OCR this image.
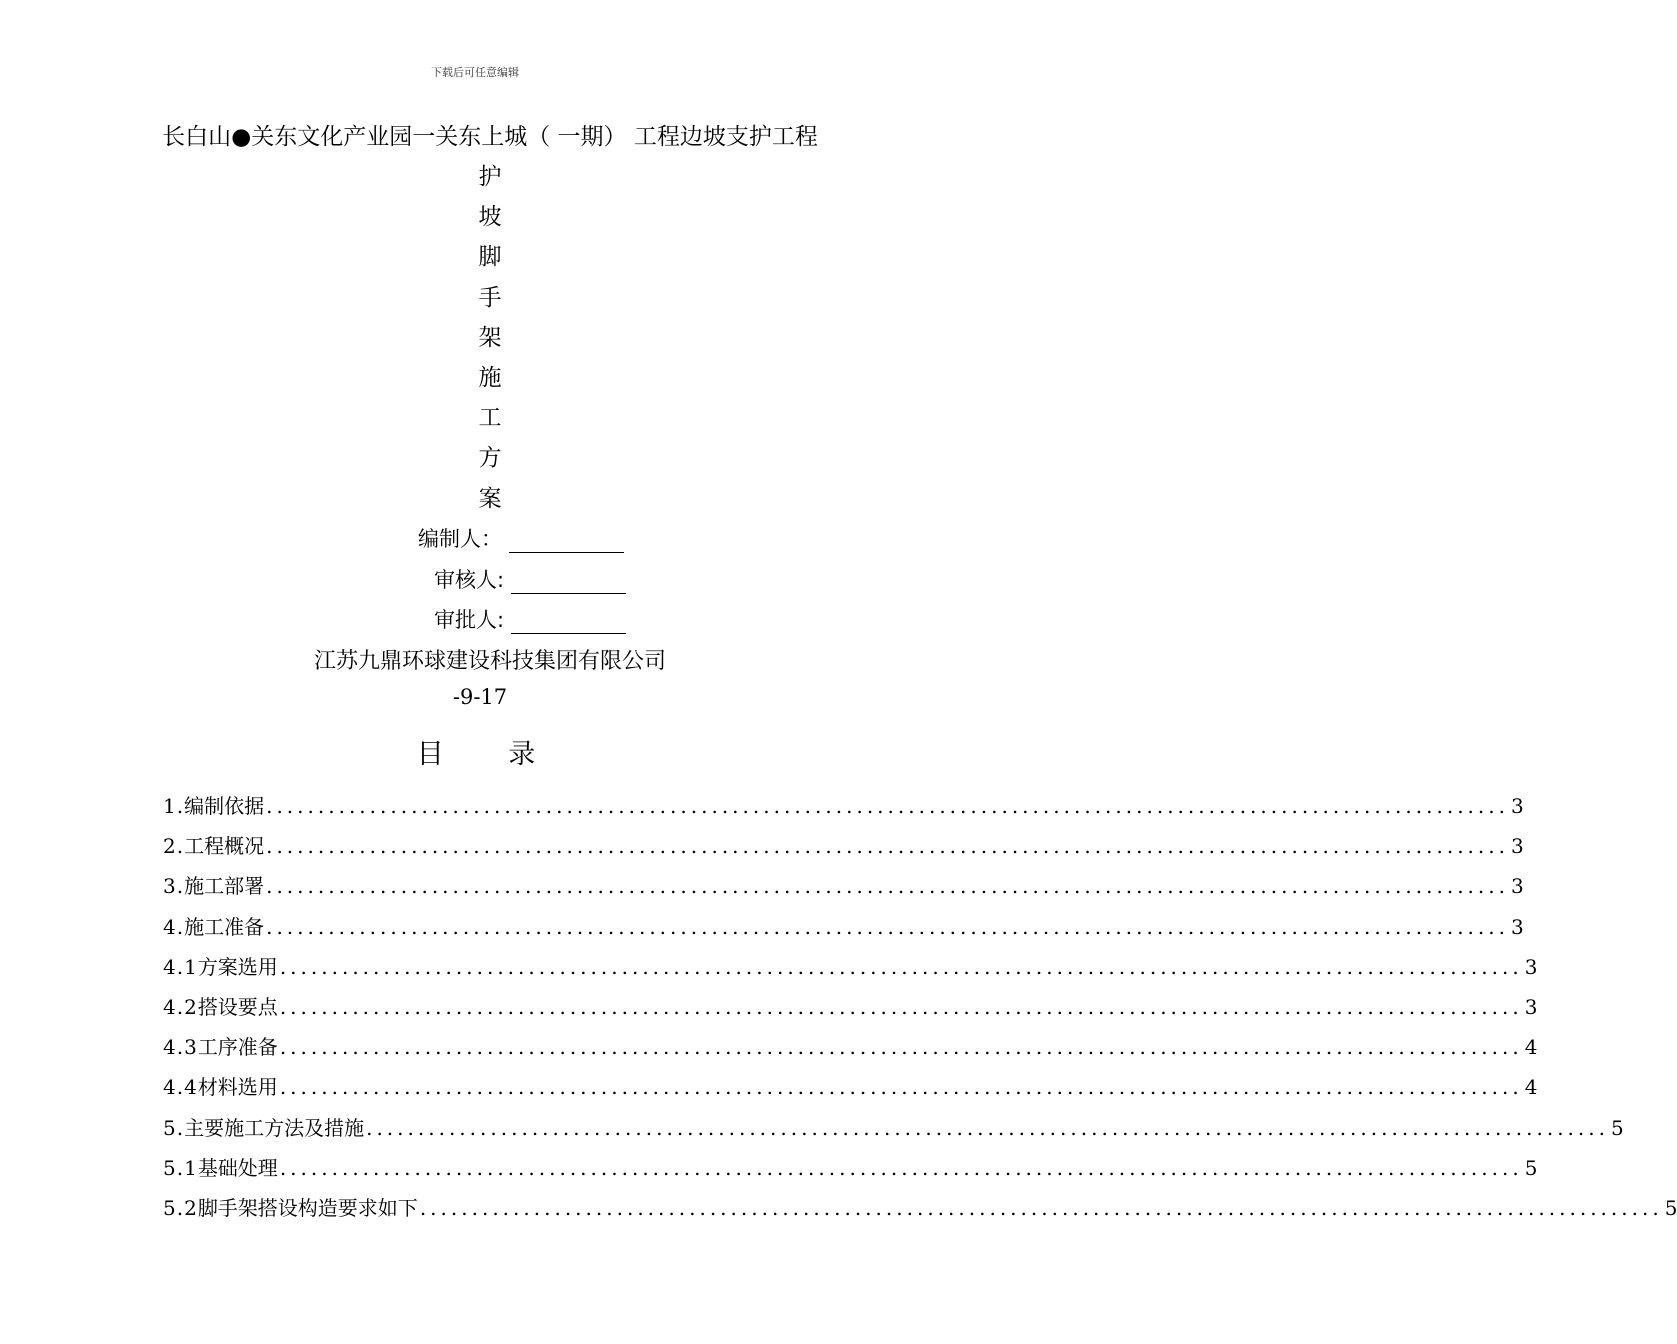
下载后可任意编辑
长白山●关东文化产业园一关东上城（ 一期） 工程边坡支护工程
护
坡
脚
手
架
施
工
方
案
编制人：
审核人:
审批人:
江苏九鼎环球建设科技集团有限公司
-9-17
目 录
1. 编制依据 ........................................................................................................................ 3
2. 工程概况 ........................................................................................................................ 3
3. 施工部署 ........................................................................................................................ 3
4. 施工准备 ........................................................................................................................ 3
4.1 方案选用 ........................................................................................................................ 3
4.2 搭设要点 ........................................................................................................................ 3
4.3 工序准备 ........................................................................................................................ 4
4.4 材料选用 ........................................................................................................................ 4
5. 主要施工方法及措施 ........................................................................................................................ 5
5.1 基础处理 ........................................................................................................................ 5
5.2 脚手架搭设构造要求如下 ........................................................................................................................ 5
